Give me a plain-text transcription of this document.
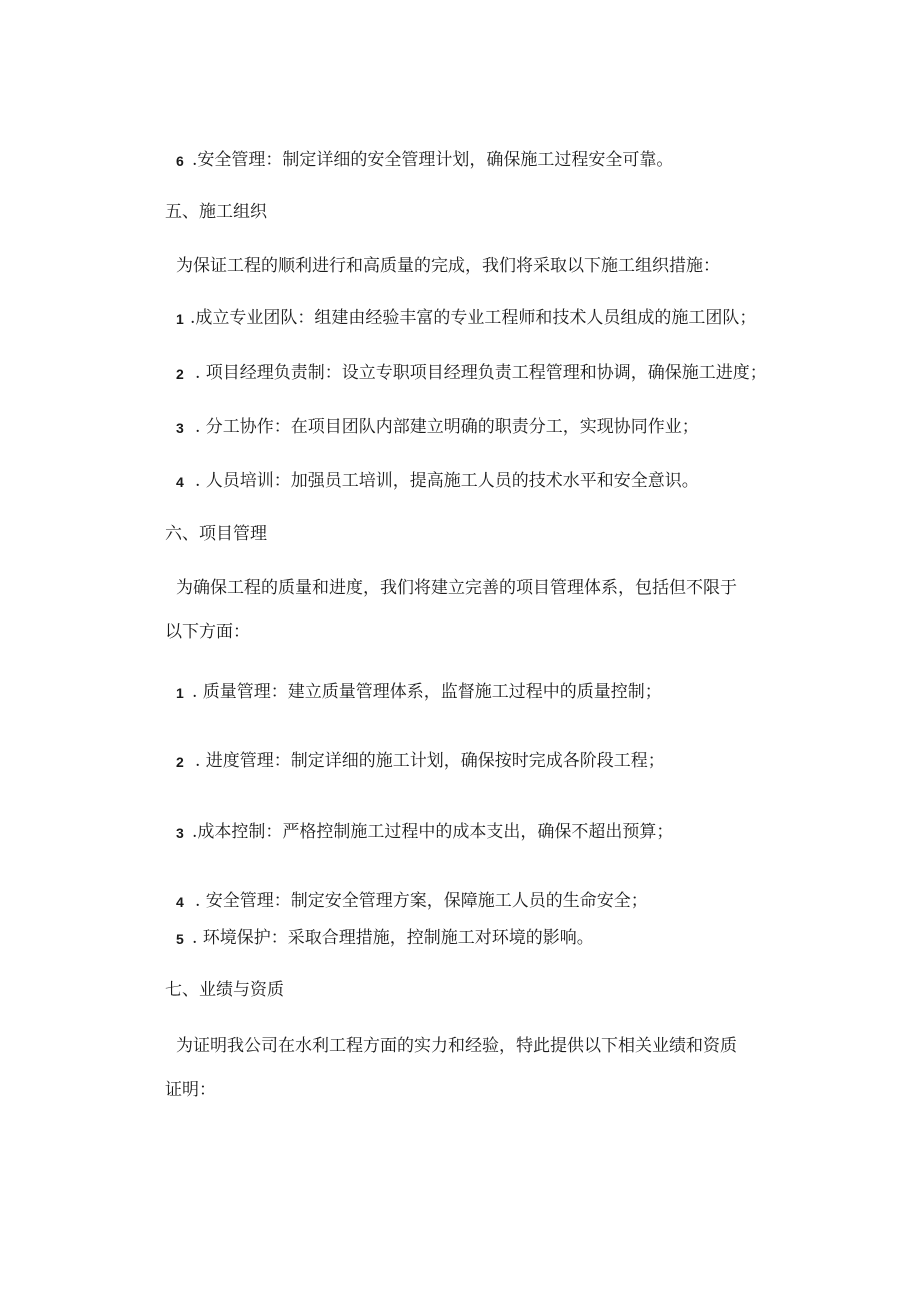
6 .安全管理：制定详细的安全管理计划，确保施工过程安全可靠。
五、施工组织
为保证工程的顺利进行和高质量的完成，我们将采取以下施工组织措施：
1 .成立专业团队：组建由经验丰富的专业工程师和技术人员组成的施工团队；
2 . 项目经理负责制：设立专职项目经理负责工程管理和协调，确保施工进度；
3 . 分工协作：在项目团队内部建立明确的职责分工，实现协同作业；
4 . 人员培训：加强员工培训，提高施工人员的技术水平和安全意识。
六、项目管理
为确保工程的质量和进度，我们将建立完善的项目管理体系，包括但不限于
以下方面：
1 . 质量管理：建立质量管理体系，监督施工过程中的质量控制；
2 . 进度管理：制定详细的施工计划，确保按时完成各阶段工程；
3 .成本控制：严格控制施工过程中的成本支出，确保不超出预算；
4 . 安全管理：制定安全管理方案，保障施工人员的生命安全；
5 . 环境保护：采取合理措施，控制施工对环境的影响。
七、业绩与资质
为证明我公司在水利工程方面的实力和经验，特此提供以下相关业绩和资质
证明：
